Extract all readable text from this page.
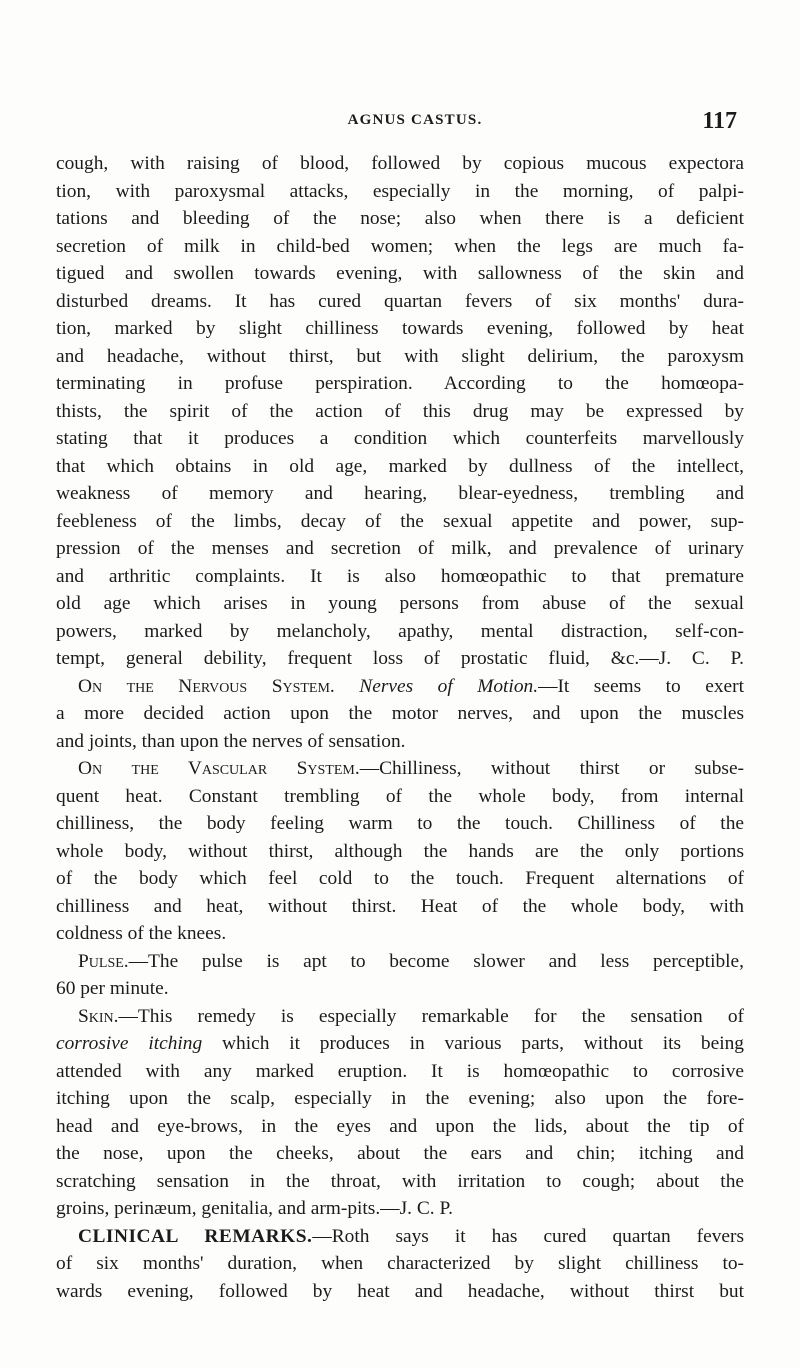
AGNUS CASTUS.	117
cough, with raising of blood, followed by copious mucous expectora
tion, with paroxysmal attacks, especially in the morning, of palpi-
tations and bleeding of the nose; also when there is a deficient
secretion of milk in child-bed women; when the legs are much fa-
tigued and swollen towards evening, with sallowness of the skin and
disturbed dreams. It has cured quartan fevers of six months' dura-
tion, marked by slight chilliness towards evening, followed by heat
and headache, without thirst, but with slight delirium, the paroxysm
terminating in profuse perspiration. According to the homœopa-
thists, the spirit of the action of this drug may be expressed by
stating that it produces a condition which counterfeits marvellously
that which obtains in old age, marked by dullness of the intellect,
weakness of memory and hearing, blear-eyedness, trembling and
feebleness of the limbs, decay of the sexual appetite and power, sup-
pression of the menses and secretion of milk, and prevalence of urinary
and arthritic complaints. It is also homœopathic to that premature
old age which arises in young persons from abuse of the sexual
powers, marked by melancholy, apathy, mental distraction, self-con-
tempt, general debility, frequent loss of prostatic fluid, &c.—J. C. P.
On the Nervous System. Nerves of Motion.—It seems to exert
a more decided action upon the motor nerves, and upon the muscles
and joints, than upon the nerves of sensation.
On the Vascular System.—Chilliness, without thirst or subse-
quent heat. Constant trembling of the whole body, from internal
chilliness, the body feeling warm to the touch. Chilliness of the
whole body, without thirst, although the hands are the only portions
of the body which feel cold to the touch. Frequent alternations of
chilliness and heat, without thirst. Heat of the whole body, with
coldness of the knees.
Pulse.—The pulse is apt to become slower and less perceptible,
60 per minute.
Skin.—This remedy is especially remarkable for the sensation of
corrosive itching which it produces in various parts, without its being
attended with any marked eruption. It is homœopathic to corrosive
itching upon the scalp, especially in the evening; also upon the fore-
head and eye-brows, in the eyes and upon the lids, about the tip of
the nose, upon the cheeks, about the ears and chin; itching and
scratching sensation in the throat, with irritation to cough; about the
groins, perinæum, genitalia, and arm-pits.—J. C. P.
CLINICAL REMARKS.—Roth says it has cured quartan fevers
of six months' duration, when characterized by slight chilliness to-
wards evening, followed by heat and headache, without thirst but
